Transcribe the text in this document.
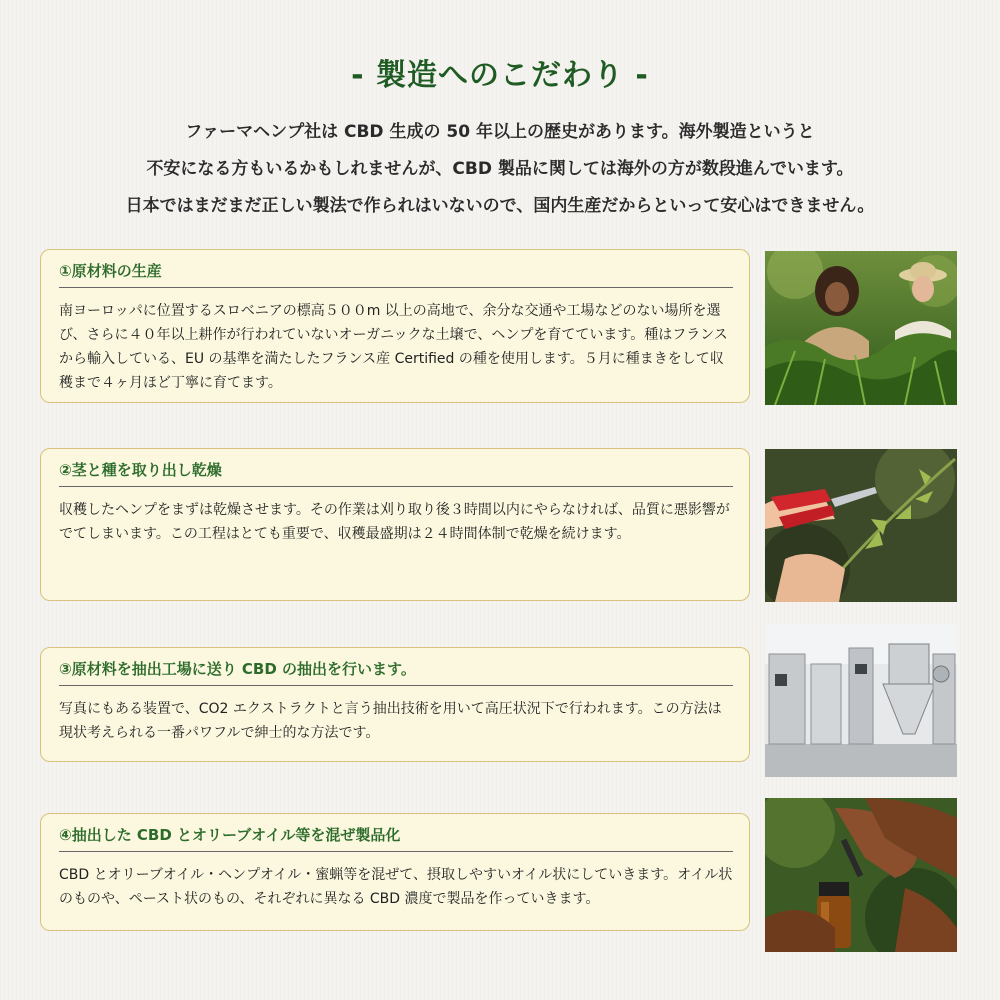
- 製造へのこだわり -
ファーマヘンプ社は CBD 生成の 50 年以上の歴史があります。海外製造というと
不安になる方もいるかもしれませんが、CBD 製品に関しては海外の方が数段進んでいます。
日本ではまだまだ正しい製法で作られはいないので、国内生産だからといって安心はできません。
①原材料の生産
南ヨーロッパに位置するスロベニアの標高５００m 以上の高地で、余分な交通や工場などのない場所を選び、さらに４０年以上耕作が行われていないオーガニックな土壌で、ヘンプを育てています。種はフランスから輸入している、EU の基準を満たしたフランス産 Certified の種を使用します。５月に種まきをして収穫まで４ヶ月ほど丁寧に育てます。
②茎と種を取り出し乾燥
収穫したヘンプをまずは乾燥させます。その作業は刈り取り後３時間以内にやらなければ、品質に悪影響がでてしまいます。この工程はとても重要で、収穫最盛期は２４時間体制で乾燥を続けます。
③原材料を抽出工場に送り CBD の抽出を行います。
写真にもある装置で、CO2 エクストラクトと言う抽出技術を用いて高圧状況下で行われます。この方法は現状考えられる一番パワフルで紳士的な方法です。
④抽出した CBD とオリーブオイル等を混ぜ製品化
CBD とオリーブオイル・ヘンプオイル・蜜蝋等を混ぜて、摂取しやすいオイル状にしていきます。オイル状のものや、ペースト状のもの、それぞれに異なる CBD 濃度で製品を作っていきます。
